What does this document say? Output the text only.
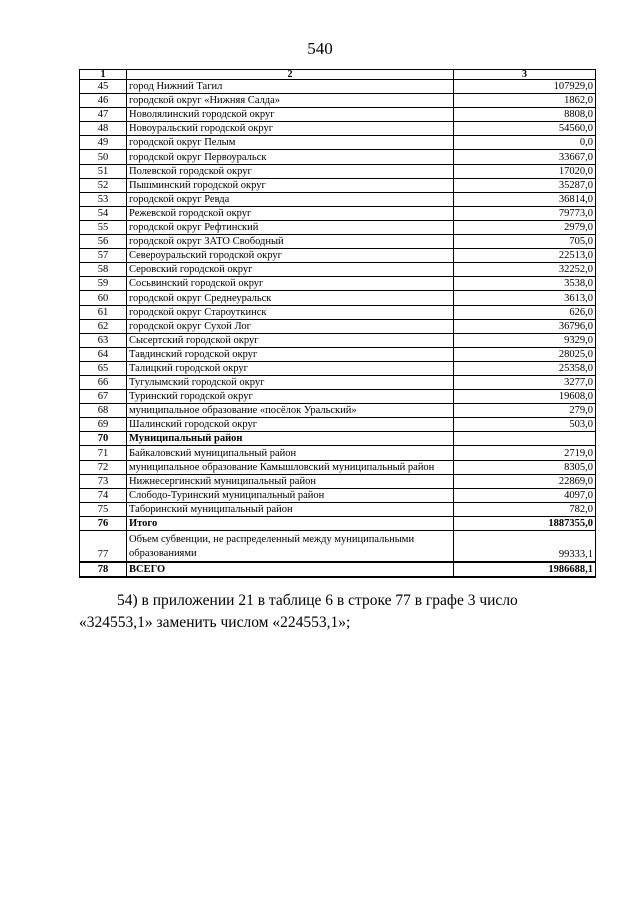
540
1	2	3
45	город Нижний Тагил	107929,0
46	городской округ «Нижняя Салда»	1862,0
47	Новолялинский городской округ	8808,0
48	Новоуральский городской округ	54560,0
49	городской округ Пелым	0,0
50	городской округ Первоуральск	33667,0
51	Полевской городской округ	17020,0
52	Пышминский городской округ	35287,0
53	городской округ Ревда	36814,0
54	Режевской городской округ	79773,0
55	городской округ Рефтинский	2979,0
56	городской округ ЗАТО Свободный	705,0
57	Североуральский городской округ	22513,0
58	Серовский городской округ	32252,0
59	Сосьвинский городской округ	3538,0
60	городской округ Среднеуральск	3613,0
61	городской округ Староуткинск	626,0
62	городской округ Сухой Лог	36796,0
63	Сысертский городской округ	9329,0
64	Тавдинский городской округ	28025,0
65	Талицкий городской округ	25358,0
66	Тугулымский городской округ	3277,0
67	Туринский городской округ	19608,0
68	муниципальное образование «посёлок Уральский»	279,0
69	Шалинский городской округ	503,0
70	Муниципальный район	
71	Байкаловский муниципальный район	2719,0
72	муниципальное образование Камышловский муниципальный район	8305,0
73	Нижнесергинский муниципальный район	22869,0
74	Слободо-Туринский муниципальный район	4097,0
75	Таборинский муниципальный район	782,0
76	Итого	1887355,0
77	Объем субвенции, не распределенный между муниципальными образованиями	99333,1
78	ВСЕГО	1986688,1
54) в приложении 21 в таблице 6 в строке 77 в графе 3 число «324553,1» заменить числом «224553,1»;
